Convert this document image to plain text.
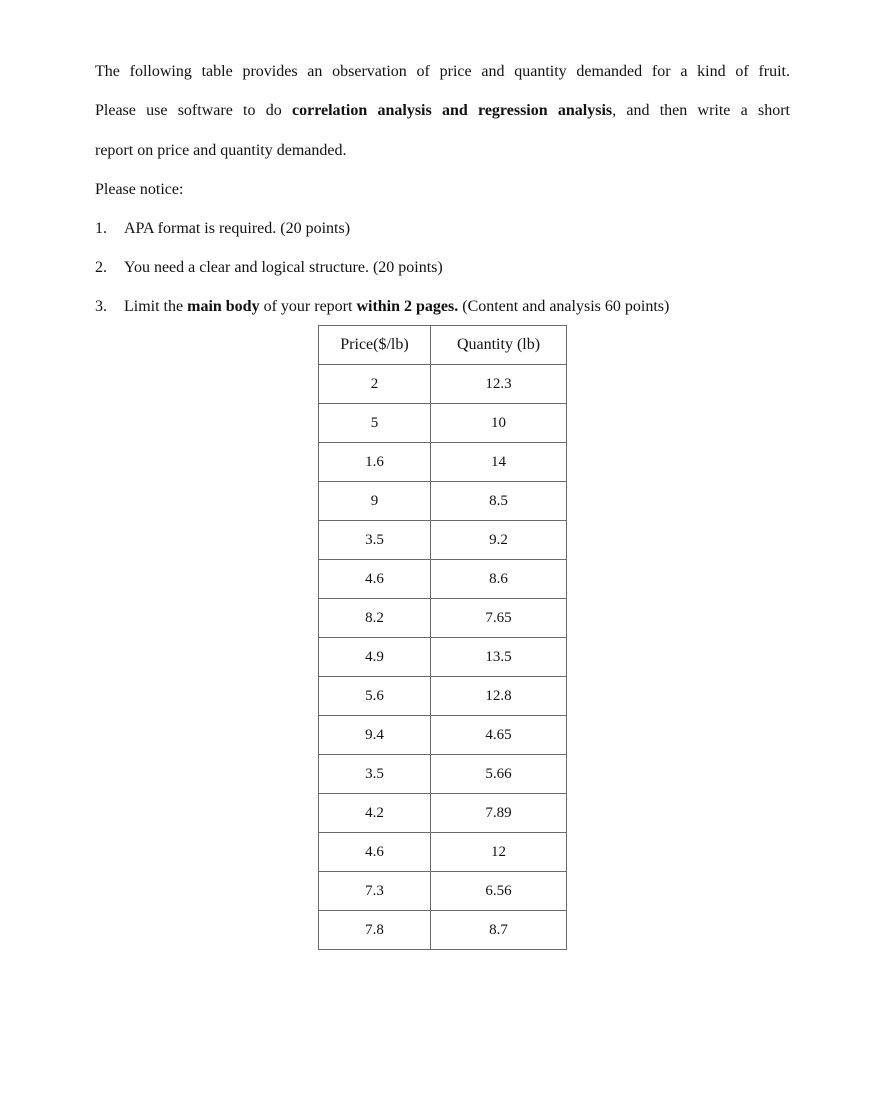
The following table provides an observation of price and quantity demanded for a kind of fruit.
Please use software to do correlation analysis and regression analysis, and then write a short
report on price and quantity demanded.
Please notice:
1. APA format is required. (20 points)
2. You need a clear and logical structure. (20 points)
3. Limit the main body of your report within 2 pages. (Content and analysis 60 points)
Price($/lb)	Quantity (lb)
2	12.3
5	10
1.6	14
9	8.5
3.5	9.2
4.6	8.6
8.2	7.65
4.9	13.5
5.6	12.8
9.4	4.65
3.5	5.66
4.2	7.89
4.6	12
7.3	6.56
7.8	8.7
